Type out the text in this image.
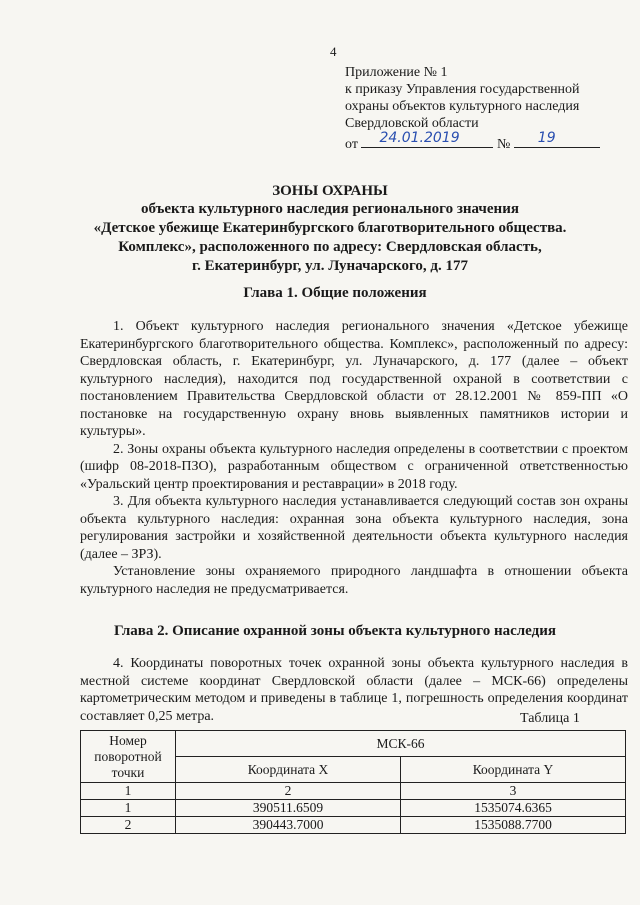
4
Приложение № 1
к приказу Управления государственной
охраны объектов культурного наследия
Свердловской области
от 24.01.2019	№ 19
ЗОНЫ ОХРАНЫ
объекта культурного наследия регионального значения
«Детское убежище Екатеринбургского благотворительного общества.
Комплекс», расположенного по адресу: Свердловская область,
г. Екатеринбург, ул. Луначарского, д. 177
Глава 1. Общие положения

1. Объект культурного наследия регионального значения «Детское убежище Екатеринбургского благотворительного общества. Комплекс», расположенный по адресу: Свердловская область, г. Екатеринбург, ул. Луначарского, д. 177 (далее – объект культурного наследия), находится под государственной охраной в соответствии с постановлением Правительства Свердловской области от 28.12.2001 № 859-ПП «О постановке на государственную охрану вновь выявленных памятников истории и культуры».

2. Зоны охраны объекта культурного наследия определены в соответствии с проектом (шифр 08-2018-ПЗО), разработанным обществом с ограниченной ответственностью «Уральский центр проектирования и реставрации» в 2018 году.

3. Для объекта культурного наследия устанавливается следующий состав зон охраны объекта культурного наследия: охранная зона объекта культурного наследия, зона регулирования застройки и хозяйственной деятельности объекта культурного наследия (далее – ЗРЗ).

Установление зоны охраняемого природного ландшафта в отношении объекта культурного наследия не предусматривается.

Глава 2. Описание охранной зоны объекта культурного наследия

4. Координаты поворотных точек охранной зоны объекта культурного наследия в местной системе координат Свердловской области (далее – МСК-66) определены картометрическим методом и приведены в таблице 1, погрешность определения координат составляет 0,25 метра.	Таблица 1
Номер поворотной точки	МСК-66	
	Координата X	Координата Y
1	2	3
1	390511.6509	1535074.6365
2	390443.7000	1535088.7700
